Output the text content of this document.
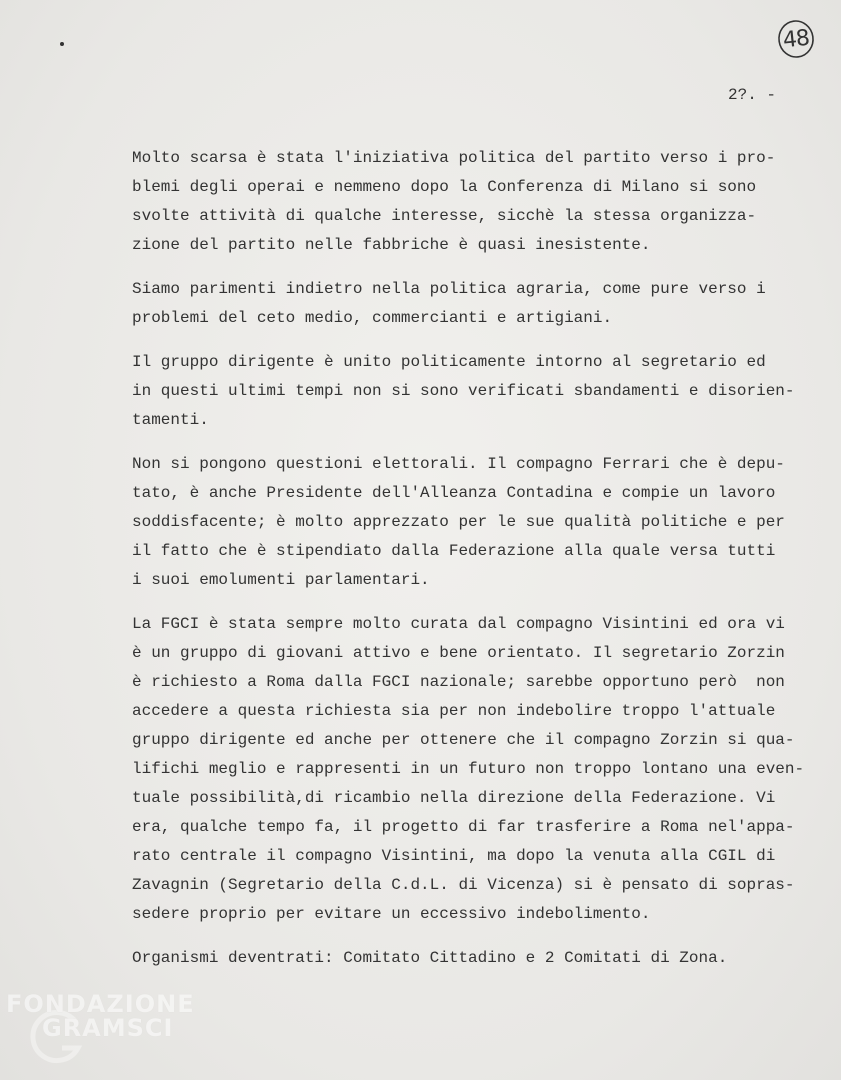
48
2?. -
Molto scarsa è stata l'iniziativa politica del partito verso i pro-
blemi degli operai e nemmeno dopo la Conferenza di Milano si sono
svolte attività di qualche interesse, sicchè la stessa organizza-
zione del partito nelle fabbriche è quasi inesistente.
Siamo parimenti indietro nella politica agraria, come pure verso i
problemi del ceto medio, commercianti e artigiani.
Il gruppo dirigente è unito politicamente intorno al segretario ed
in questi ultimi tempi non si sono verificati sbandamenti e disorien-
tamenti.
Non si pongono questioni elettorali. Il compagno Ferrari che è depu-
tato, è anche Presidente dell'Alleanza Contadina e compie un lavoro
soddisfacente; è molto apprezzato per le sue qualità politiche e per
il fatto che è stipendiato dalla Federazione alla quale versa tutti
i suoi emolumenti parlamentari.
La FGCI è stata sempre molto curata dal compagno Visintini ed ora vi
è un gruppo di giovani attivo e bene orientato. Il segretario Zorzin
è richiesto a Roma dalla FGCI nazionale; sarebbe opportuno però  non
accedere a questa richiesta sia per non indebolire troppo l'attuale
gruppo dirigente ed anche per ottenere che il compagno Zorzin si qua-
lifichi meglio e rappresenti in un futuro non troppo lontano una even-
tuale possibilità,di ricambio nella direzione della Federazione. Vi
era, qualche tempo fa, il progetto di far trasferire a Roma nel'appa-
rato centrale il compagno Visintini, ma dopo la venuta alla CGIL di
Zavagnin (Segretario della C.d.L. di Vicenza) si è pensato di sopras-
sedere proprio per evitare un eccessivo indebolimento.
Organismi deventrati: Comitato Cittadino e 2 Comitati di Zona.
FONDAZIONE
GRAMSCI
